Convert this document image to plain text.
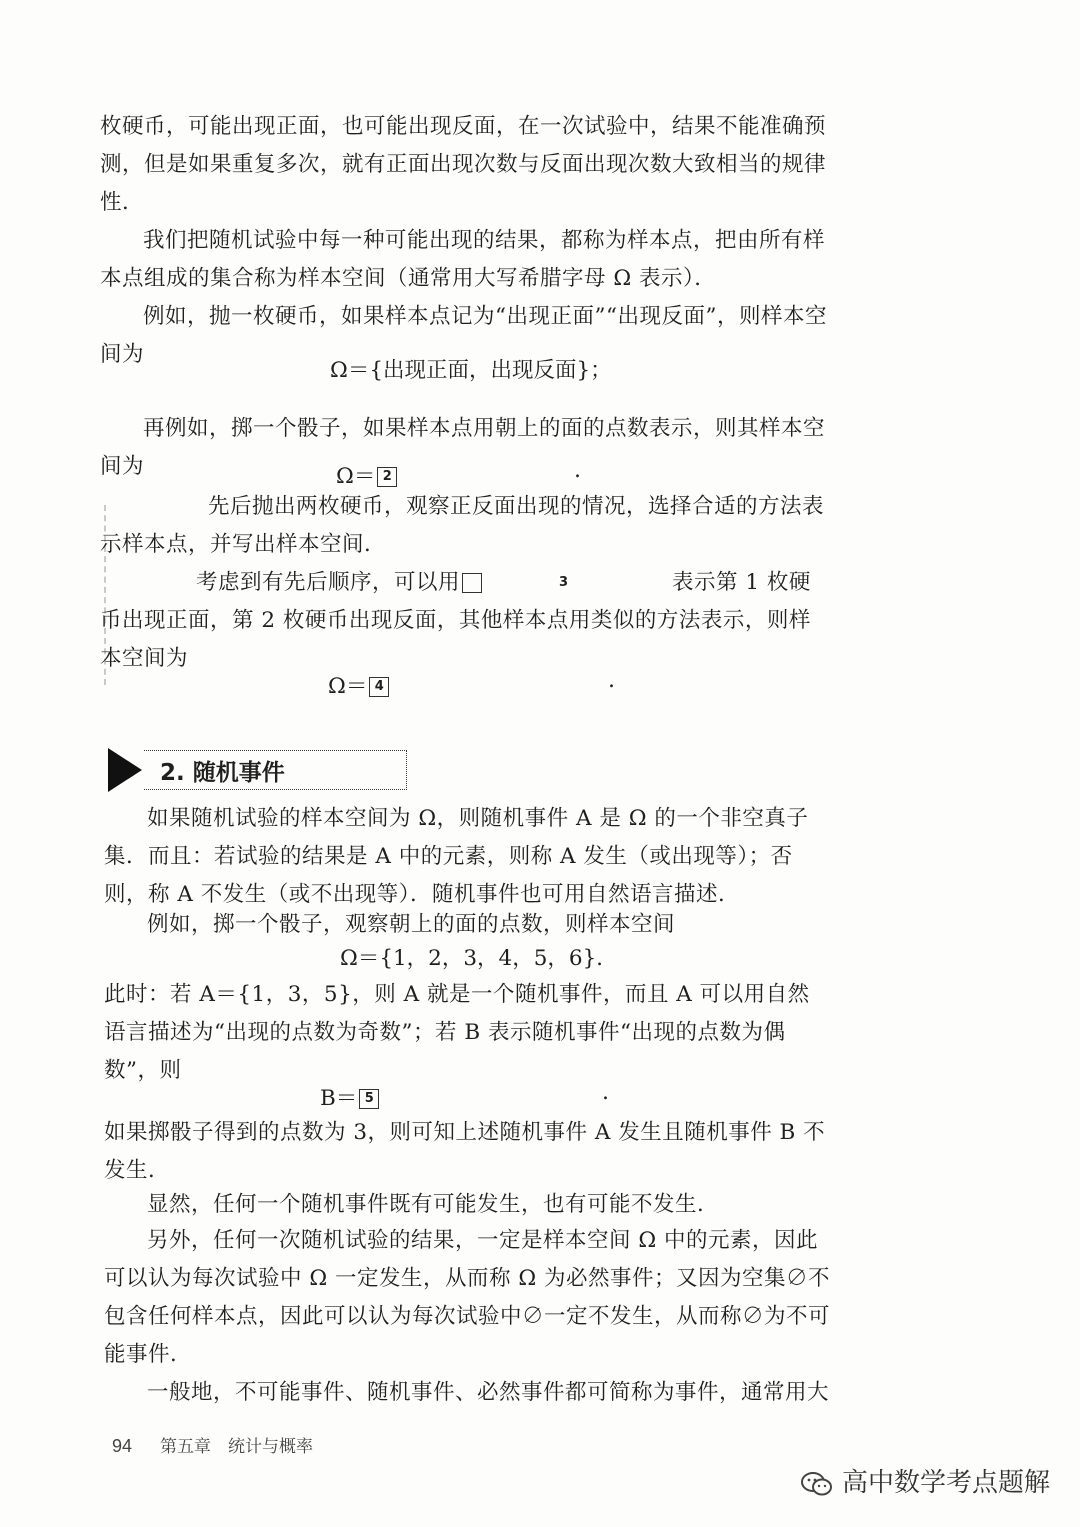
枚硬币，可能出现正面，也可能出现反面，在一次试验中，结果不能准确预测，但是如果重复多次，就有正面出现次数与反面出现次数大致相当的规律性．

我们把随机试验中每一种可能出现的结果，都称为样本点，把由所有样本点组成的集合称为样本空间（通常用大写希腊字母 Ω 表示）．

例如，抛一枚硬币，如果样本点记为“出现正面”“出现反面”，则样本空间为

Ω＝{出现正面，出现反面}；

再例如，掷一个骰子，如果样本点用朝上的面的点数表示，则其样本空间为	Ω＝ 2	.

先后抛出两枚硬币，观察正反面出现的情况，选择合适的方法表示样本点，并写出样本空间．

考虑到有先后顺序，可以用	3	表示第 1 枚硬币出现正面，第 2 枚硬币出现反面，其他样本点用类似的方法表示，则样本空间为

Ω＝ 4	.
2. 随机事件

如果随机试验的样本空间为 Ω，则随机事件 A 是 Ω 的一个非空真子集．而且：若试验的结果是 A 中的元素，则称 A 发生（或出现等）；否则，称 A 不发生（或不出现等）．随机事件也可用自然语言描述．

例如，掷一个骰子，观察朝上的面的点数，则样本空间

Ω＝{1，2，3，4，5，6}．

此时：若 A＝{1，3，5}，则 A 就是一个随机事件，而且 A 可以用自然语言描述为“出现的点数为奇数”；若 B 表示随机事件“出现的点数为偶数”，则

B＝ 5	.

如果掷骰子得到的点数为 3，则可知上述随机事件 A 发生且随机事件 B 不发生．

显然，任何一个随机事件既有可能发生，也有可能不发生．

另外，任何一次随机试验的结果，一定是样本空间 Ω 中的元素，因此可以认为每次试验中 Ω 一定发生，从而称 Ω 为必然事件；又因为空集∅不包含任何样本点，因此可以认为每次试验中∅一定不发生，从而称∅为不可能事件．

一般地，不可能事件、随机事件、必然事件都可简称为事件，通常用大

94 第五章　统计与概率
高中数学考点题解
